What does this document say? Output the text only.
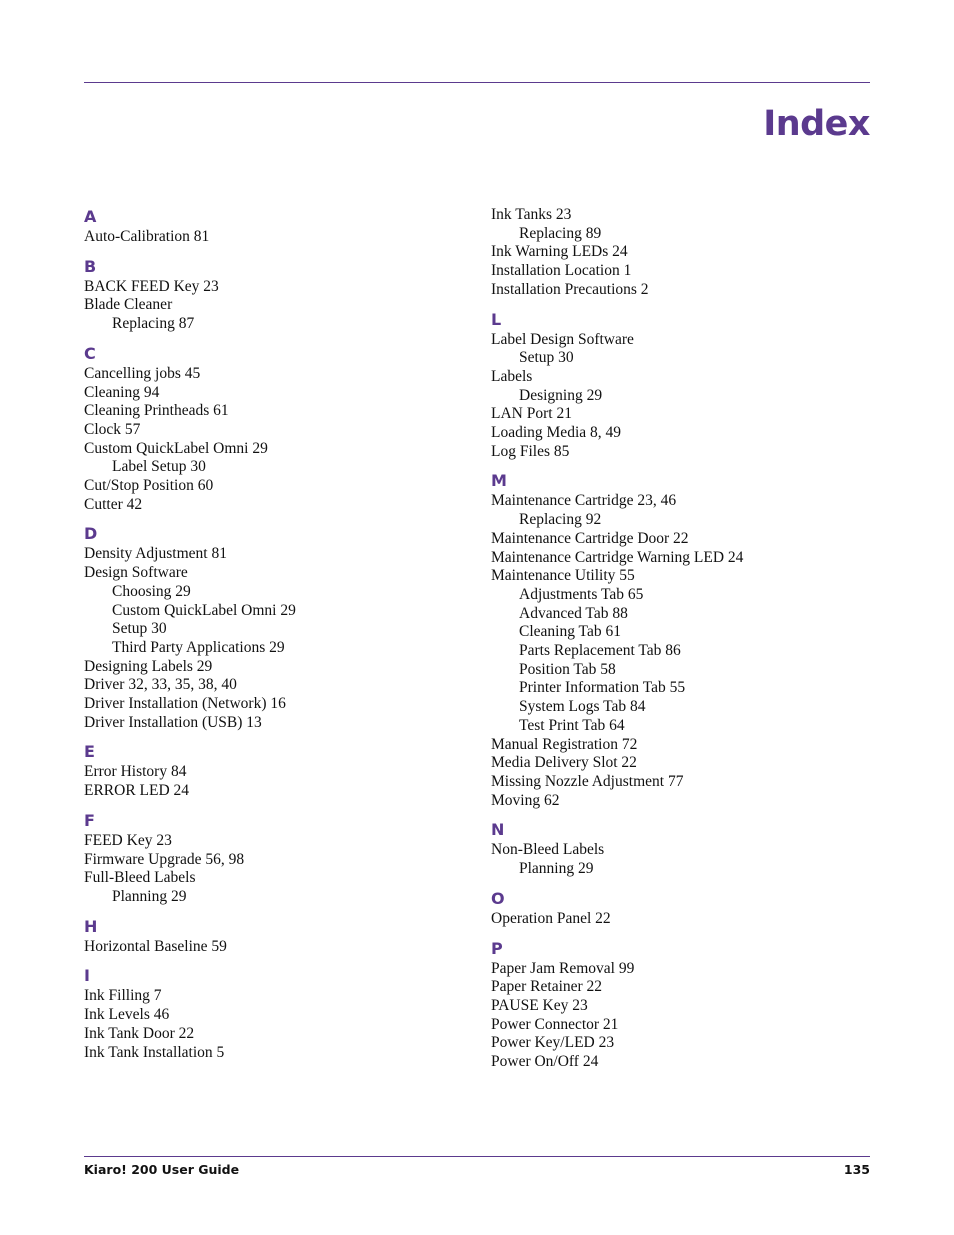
Index
A
Auto-Calibration 81
B
BACK FEED Key 23
Blade Cleaner
Replacing 87
C
Cancelling jobs 45
Cleaning 94
Cleaning Printheads 61
Clock 57
Custom QuickLabel Omni 29
Label Setup 30
Cut/Stop Position 60
Cutter 42
D
Density Adjustment 81
Design Software
Choosing 29
Custom QuickLabel Omni 29
Setup 30
Third Party Applications 29
Designing Labels 29
Driver 32, 33, 35, 38, 40
Driver Installation (Network) 16
Driver Installation (USB) 13
E
Error History 84
ERROR LED 24
F
FEED Key 23
Firmware Upgrade 56, 98
Full-Bleed Labels
Planning 29
H
Horizontal Baseline 59
I
Ink Filling 7
Ink Levels 46
Ink Tank Door 22
Ink Tank Installation 5
Ink Tanks 23
Replacing 89
Ink Warning LEDs 24
Installation Location 1
Installation Precautions 2
L
Label Design Software
Setup 30
Labels
Designing 29
LAN Port 21
Loading Media 8, 49
Log Files 85
M
Maintenance Cartridge 23, 46
Replacing 92
Maintenance Cartridge Door 22
Maintenance Cartridge Warning LED 24
Maintenance Utility 55
Adjustments Tab 65
Advanced Tab 88
Cleaning Tab 61
Parts Replacement Tab 86
Position Tab 58
Printer Information Tab 55
System Logs Tab 84
Test Print Tab 64
Manual Registration 72
Media Delivery Slot 22
Missing Nozzle Adjustment 77
Moving 62
N
Non-Bleed Labels
Planning 29
O
Operation Panel 22
P
Paper Jam Removal 99
Paper Retainer 22
PAUSE Key 23
Power Connector 21
Power Key/LED 23
Power On/Off 24
Kiaro! 200 User Guide	135
